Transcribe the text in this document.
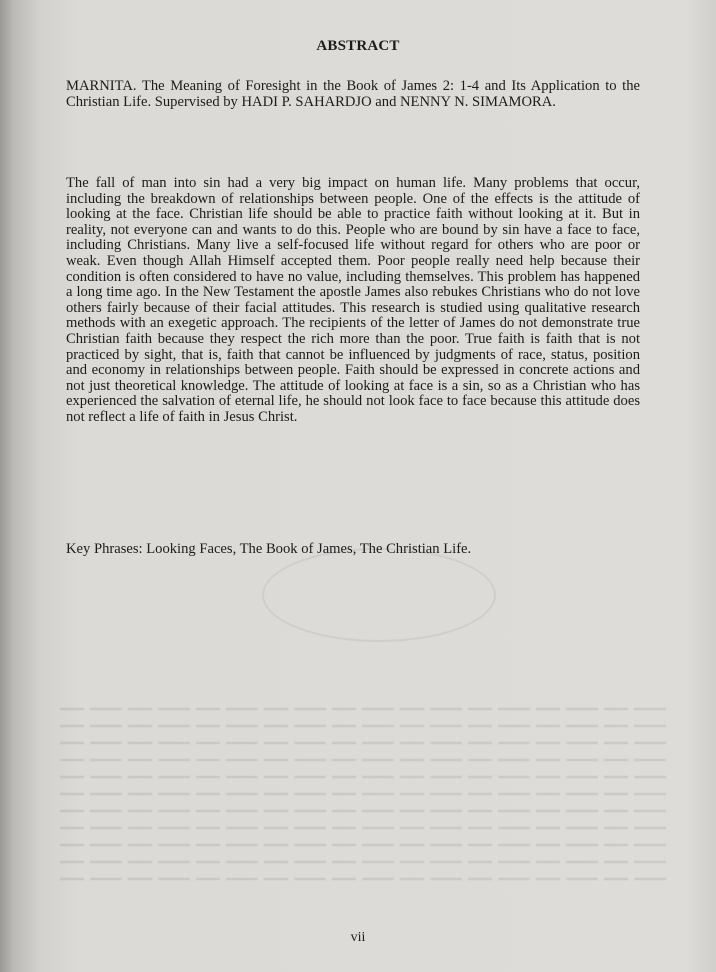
ABSTRACT

MARNITA. The Meaning of Foresight in the Book of James 2: 1-4 and Its Application to the Christian Life. Supervised by HADI P. SAHARDJO and NENNY N. SIMAMORA.

The fall of man into sin had a very big impact on human life. Many problems that occur, including the breakdown of relationships between people. One of the effects is the attitude of looking at the face. Christian life should be able to practice faith without looking at it. But in reality, not everyone can and wants to do this. People who are bound by sin have a face to face, including Christians. Many live a self-focused life without regard for others who are poor or weak. Even though Allah Himself accepted them. Poor people really need help because their condition is often considered to have no value, including themselves. This problem has happened a long time ago. In the New Testament the apostle James also rebukes Christians who do not love others fairly because of their facial attitudes. This research is studied using qualitative research methods with an exegetic approach. The recipients of the letter of James do not demonstrate true Christian faith because they respect the rich more than the poor. True faith is faith that is not practiced by sight, that is, faith that cannot be influenced by judgments of race, status, position and economy in relationships between people. Faith should be expressed in concrete actions and not just theoretical knowledge. The attitude of looking at face is a sin, so as a Christian who has experienced the salvation of eternal life, he should not look face to face because this attitude does not reflect a life of faith in Jesus Christ.

Key Phrases: Looking Faces, The Book of James, The Christian Life.

vii
